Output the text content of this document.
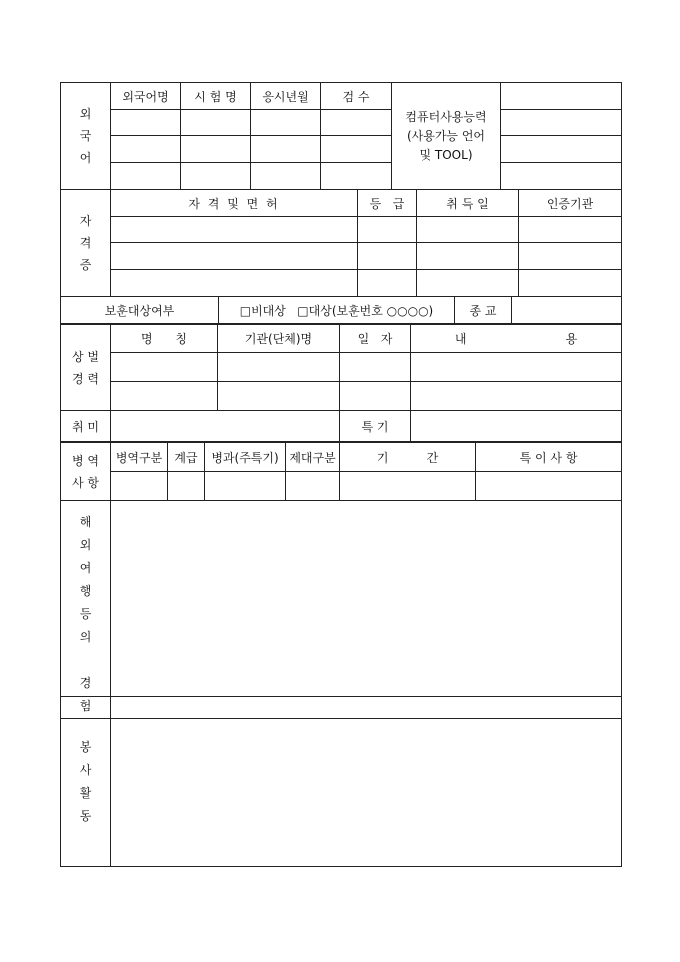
외
국
어	외국어명	시 험 명	응시년월	검 수	컴퓨터사용능력
(사용가능 언어
및 TOOL)	

자
격
증	자 격 및 면 허	등   급	취 득 일	인증기관

보훈대상여부	□비대상   □대상(보훈번호 ○○○○)	종 교	
상 벌
경 력	명      칭	기관(단체)명	일   자	내                          용

취 미		특 기	
병 역
사 항	병역구분	계급	병과(주특기)	제대구분	기          간	특 이 사 항

해
외
여
행
등
의

경
험	
봉
사
활
동	
